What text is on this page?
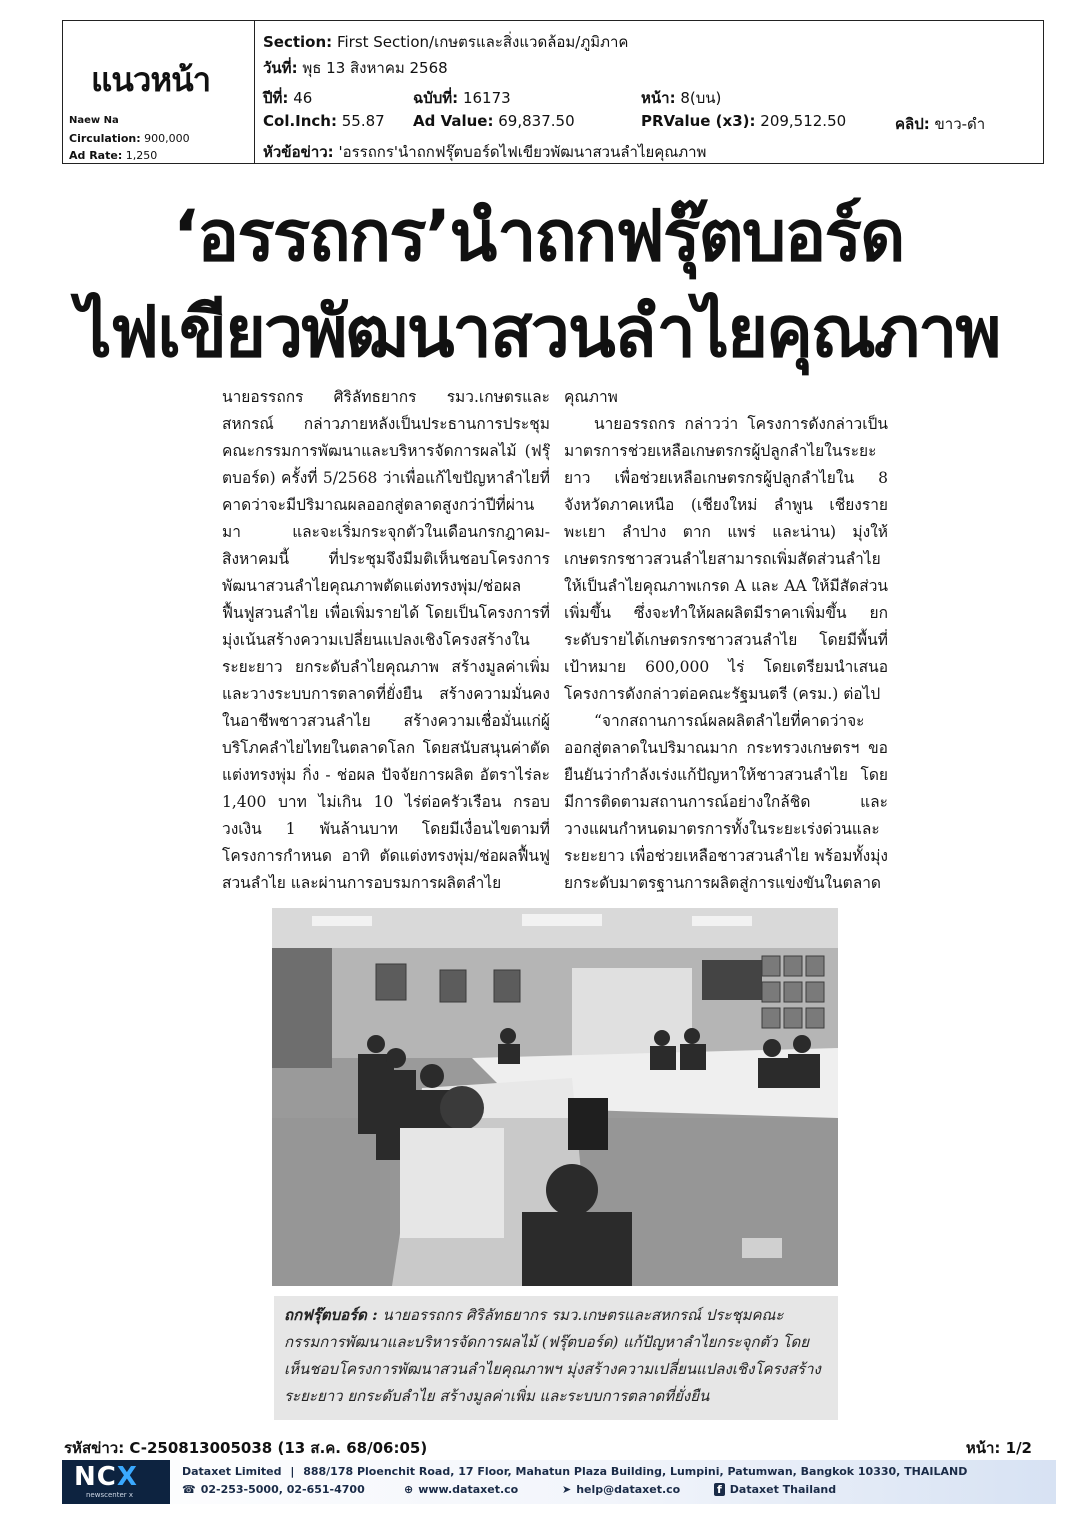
แนวหน้า
Naew Na
Circulation: 900,000
Ad Rate: 1,250
Section: First Section/เกษตรและสิ่งแวดล้อม/ภูมิภาค
วันที่: พุธ 13 สิงหาคม 2568
ปีที่: 46	ฉบับที่: 16173	หน้า: 8(บน)
Col.Inch: 55.87 Ad Value: 69,837.50	PRValue (x3): 209,512.50	คลิป: ขาว-ดำ
หัวข้อข่าว: 'อรรถกร'นำถกฟรุ๊ตบอร์ดไฟเขียวพัฒนาสวนลำไยคุณภาพ
‘อรรถกร’นำถกฟรุ๊ตบอร์ด
ไฟเขียวพัฒนาสวนลำไยคุณภาพ

นายอรรถกร ศิริลัทธยากร รมว.เกษตรและสหกรณ์ กล่าวภายหลังเป็นประธานการประชุมคณะกรรมการพัฒนาและบริหารจัดการผลไม้ (ฟรุ๊ตบอร์ด) ครั้งที่ 5/2568 ว่าเพื่อแก้ไขปัญหาลำไยที่คาดว่าจะมีปริมาณผลออกสู่ตลาดสูงกว่าปีที่ผ่านมา และจะเริ่มกระจุกตัวในเดือนกรกฎาคม-สิงหาคมนี้ ที่ประชุมจึงมีมติเห็นชอบโครงการพัฒนาสวนลำไยคุณภาพตัดแต่งทรงพุ่ม/ช่อผลฟื้นฟูสวนลำไย เพื่อเพิ่มรายได้ โดยเป็นโครงการที่มุ่งเน้นสร้างความเปลี่ยนแปลงเชิงโครงสร้างในระยะยาว ยกระดับลำไยคุณภาพ สร้างมูลค่าเพิ่ม และวางระบบการตลาดที่ยั่งยืน สร้างความมั่นคงในอาชีพชาวสวนลำไย สร้างความเชื่อมั่นแก่ผู้บริโภคลำไยไทยในตลาดโลก โดยสนับสนุนค่าตัดแต่งทรงพุ่ม กิ่ง - ช่อผล ปัจจัยการผลิต อัตราไร่ละ 1,400 บาท ไม่เกิน 10 ไร่ต่อครัวเรือน กรอบวงเงิน 1 พันล้านบาท โดยมีเงื่อนไขตามที่โครงการกำหนด อาทิ ตัดแต่งทรงพุ่ม/ช่อผลฟื้นฟูสวนลำไย และผ่านการอบรมการผลิตลำไย

คุณภาพ

นายอรรถกร กล่าวว่า โครงการดังกล่าวเป็นมาตรการช่วยเหลือเกษตรกรผู้ปลูกลำไยในระยะยาว เพื่อช่วยเหลือเกษตรกรผู้ปลูกลำไยใน 8 จังหวัดภาคเหนือ (เชียงใหม่ ลำพูน เชียงราย พะเยา ลำปาง ตาก แพร่ และน่าน) มุ่งให้เกษตรกรชาวสวนลำไยสามารถเพิ่มสัดส่วนลำไยให้เป็นลำไยคุณภาพเกรด A และ AA ให้มีสัดส่วนเพิ่มขึ้น ซึ่งจะทำให้ผลผลิตมีราคาเพิ่มขึ้น ยกระดับรายได้เกษตรกรชาวสวนลำไย โดยมีพื้นที่เป้าหมาย 600,000 ไร่ โดยเตรียมนำเสนอโครงการดังกล่าวต่อคณะรัฐมนตรี (ครม.) ต่อไป

“จากสถานการณ์ผลผลิตลำไยที่คาดว่าจะออกสู่ตลาดในปริมาณมาก กระทรวงเกษตรฯ ขอยืนยันว่ากำลังเร่งแก้ปัญหาให้ชาวสวนลำไย โดยมีการติดตามสถานการณ์อย่างใกล้ชิด และวางแผนกำหนดมาตรการทั้งในระยะเร่งด่วนและระยะยาว เพื่อช่วยเหลือชาวสวนลำไย พร้อมทั้งมุ่งยกระดับมาตรฐานการผลิตสู่การแข่งขันในตลาด

ถกฟรุ๊ตบอร์ด : นายอรรถกร ศิริลัทธยากร รมว.เกษตรและสหกรณ์ ประชุมคณะกรรมการพัฒนาและบริหารจัดการผลไม้ (ฟรุ๊ตบอร์ด) แก้ปัญหาลำไยกระจุกตัว โดยเห็นชอบโครงการพัฒนาสวนลำไยคุณภาพฯ มุ่งสร้างความเปลี่ยนแปลงเชิงโครงสร้างระยะยาว ยกระดับลำไย สร้างมูลค่าเพิ่ม และระบบการตลาดที่ยั่งยืน
รหัสข่าว: C-250813005038 (13 ส.ค. 68/06:05)	หน้า: 1/2
NCX
newscenter x
Dataxet Limited | 888/178 Ploenchit Road, 17 Floor, Mahatun Plaza Building, Lumpini, Patumwan, Bangkok 10330, THAILAND
☎ 02-253-5000, 02-651-4700	⊕ www.dataxet.co	➤ help@dataxet.co	f Dataxet Thailand
